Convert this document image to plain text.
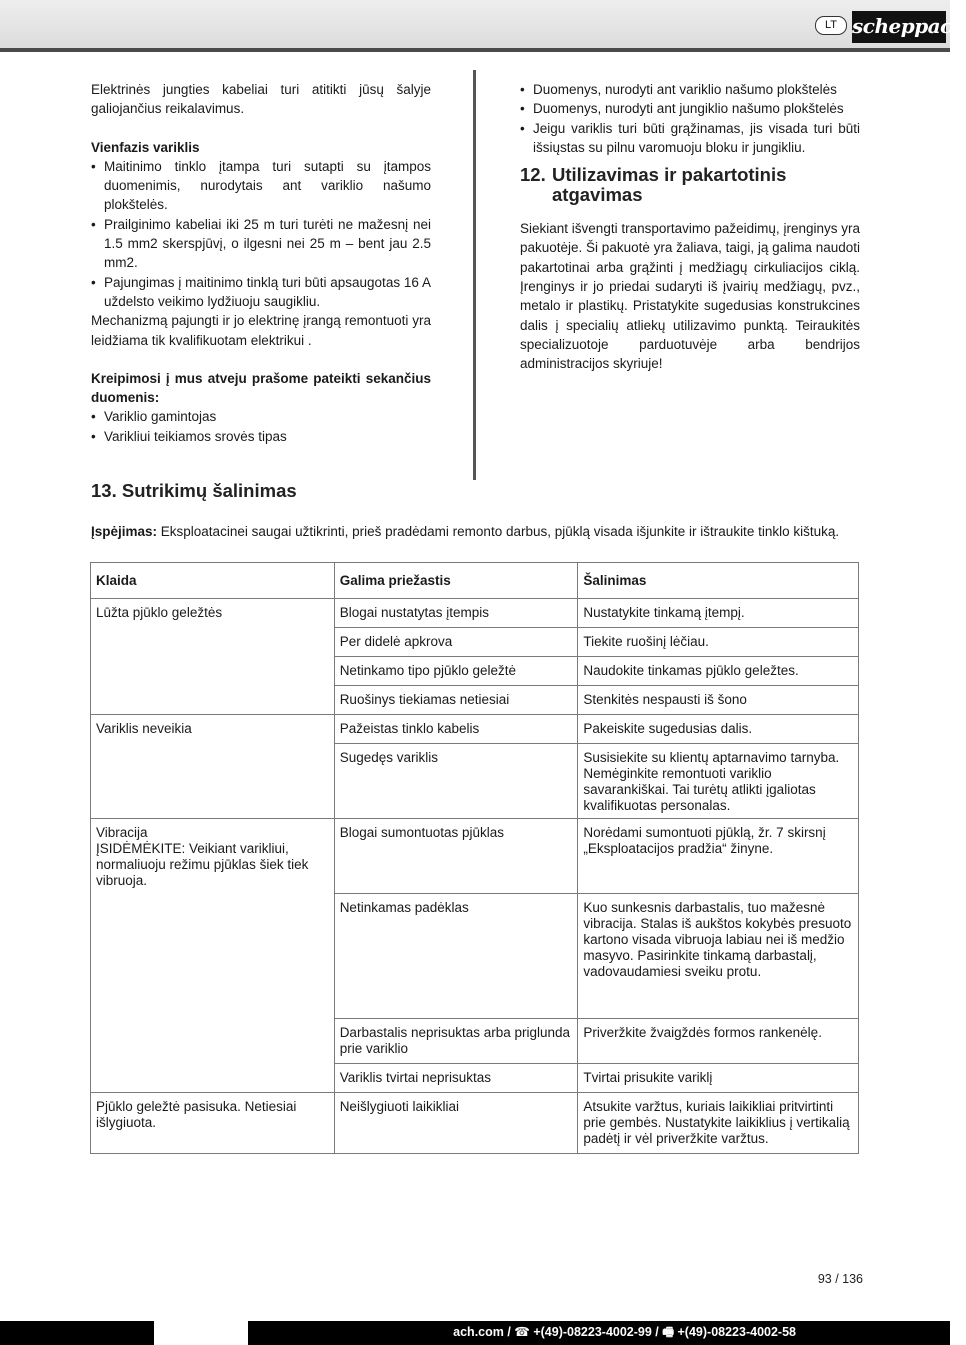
LT scheppach

Elektrinės jungties kabeliai turi atitikti jūsų šalyje galiojančius reikalavimus.

Vienfazis variklis

• Maitinimo tinklo įtampa turi sutapti su įtampos duomenimis, nurodytais ant variklio našumo plokštelės.
• Prailginimo kabeliai iki 25 m turi turėti ne mažesnį nei 1.5 mm2 skerspjūvį, o ilgesni nei 25 m – bent jau 2.5 mm2.
• Pajungimas į maitinimo tinklą turi būti apsaugotas 16 A uždelsto veikimo lydžiuoju saugikliu.

Mechanizmą pajungti ir jo elektrinę įrangą remontuoti yra leidžiama tik kvalifikuotam elektrikui .

Kreipimosi į mus atveju prašome pateikti sekančius duomenis:

• Variklio gamintojas
• Varikliui teikiamos srovės tipas
• Duomenys, nurodyti ant variklio našumo plokštelės
• Duomenys, nurodyti ant jungiklio našumo plokštelės
• Jeigu variklis turi būti grąžinamas, jis visada turi būti išsiųstas su pilnu varomuoju bloku ir jungikliu.
12. Utilizavimas ir pakartotinis
atgavimas

Siekiant išvengti transportavimo pažeidimų, įrenginys yra pakuotėje. Ši pakuotė yra žaliava, taigi, ją galima naudoti pakartotinai arba grąžinti į medžiagų cirkuliacijos ciklą. Įrenginys ir jo priedai sudaryti iš įvairių medžiagų, pvz., metalo ir plastikų. Pristatykite sugedusias konstrukcines dalis į specialių atliekų utilizavimo punktą. Teiraukitės specializuotoje parduotuvėje arba bendrijos administracijos skyriuje!

13. Sutrikimų šalinimas
Įspėjimas: Eksploatacinei saugai užtikrinti, prieš pradėdami remonto darbus, pjūklą visada išjunkite ir ištraukite tinklo kištuką.
Klaida	Galima priežastis	Šalinimas
Lūžta pjūklo geležtės	Blogai nustatytas įtempis	Nustatykite tinkamą įtempį.
	Per didelė apkrova	Tiekite ruošinį lėčiau.
	Netinkamo tipo pjūklo geležtė	Naudokite tinkamas pjūklo geležtes.
	Ruošinys tiekiamas netiesiai	Stenkitės nespausti iš šono
Variklis neveikia	Pažeistas tinklo kabelis	Pakeiskite sugedusias dalis.
	Sugedęs variklis	Susisiekite su klientų aptarnavimo tarnyba. Nemėginkite remontuoti variklio savarankiškai. Tai turėtų atlikti įgaliotas kvalifikuotas personalas.
Vibracija
ĮSIDĖMĖKITE: Veikiant varikliui, normaliuoju režimu pjūklas šiek tiek vibruoja.	Blogai sumontuotas pjūklas	Norėdami sumontuoti pjūklą, žr. 7 skirsnį „Eksploatacijos pradžia“ žinyne.
	Netinkamas padėklas	Kuo sunkesnis darbastalis, tuo mažesnė vibracija. Stalas iš aukštos kokybės presuoto kartono visada vibruoja labiau nei iš medžio masyvo. Pasirinkite tinkamą darbastalį, vadovaudamiesi sveiku protu.
	Darbastalis neprisuktas arba priglunda prie variklio	Priveržkite žvaigždės formos rankenėlę.
	Variklis tvirtai neprisuktas	Tvirtai prisukite variklį
Pjūklo geležtė pasisuka. Netiesiai išlygiuota.	Neišlygiuoti laikikliai	Atsukite varžtus, kuriais laikikliai pritvirtinti prie gembės. Nustatykite laikiklius į vertikalią padėtį ir vėl priveržkite varžtus.
93 / 136
ach.com / ☎ +(49)-08223-4002-99 / 🖷 +(49)-08223-4002-58
